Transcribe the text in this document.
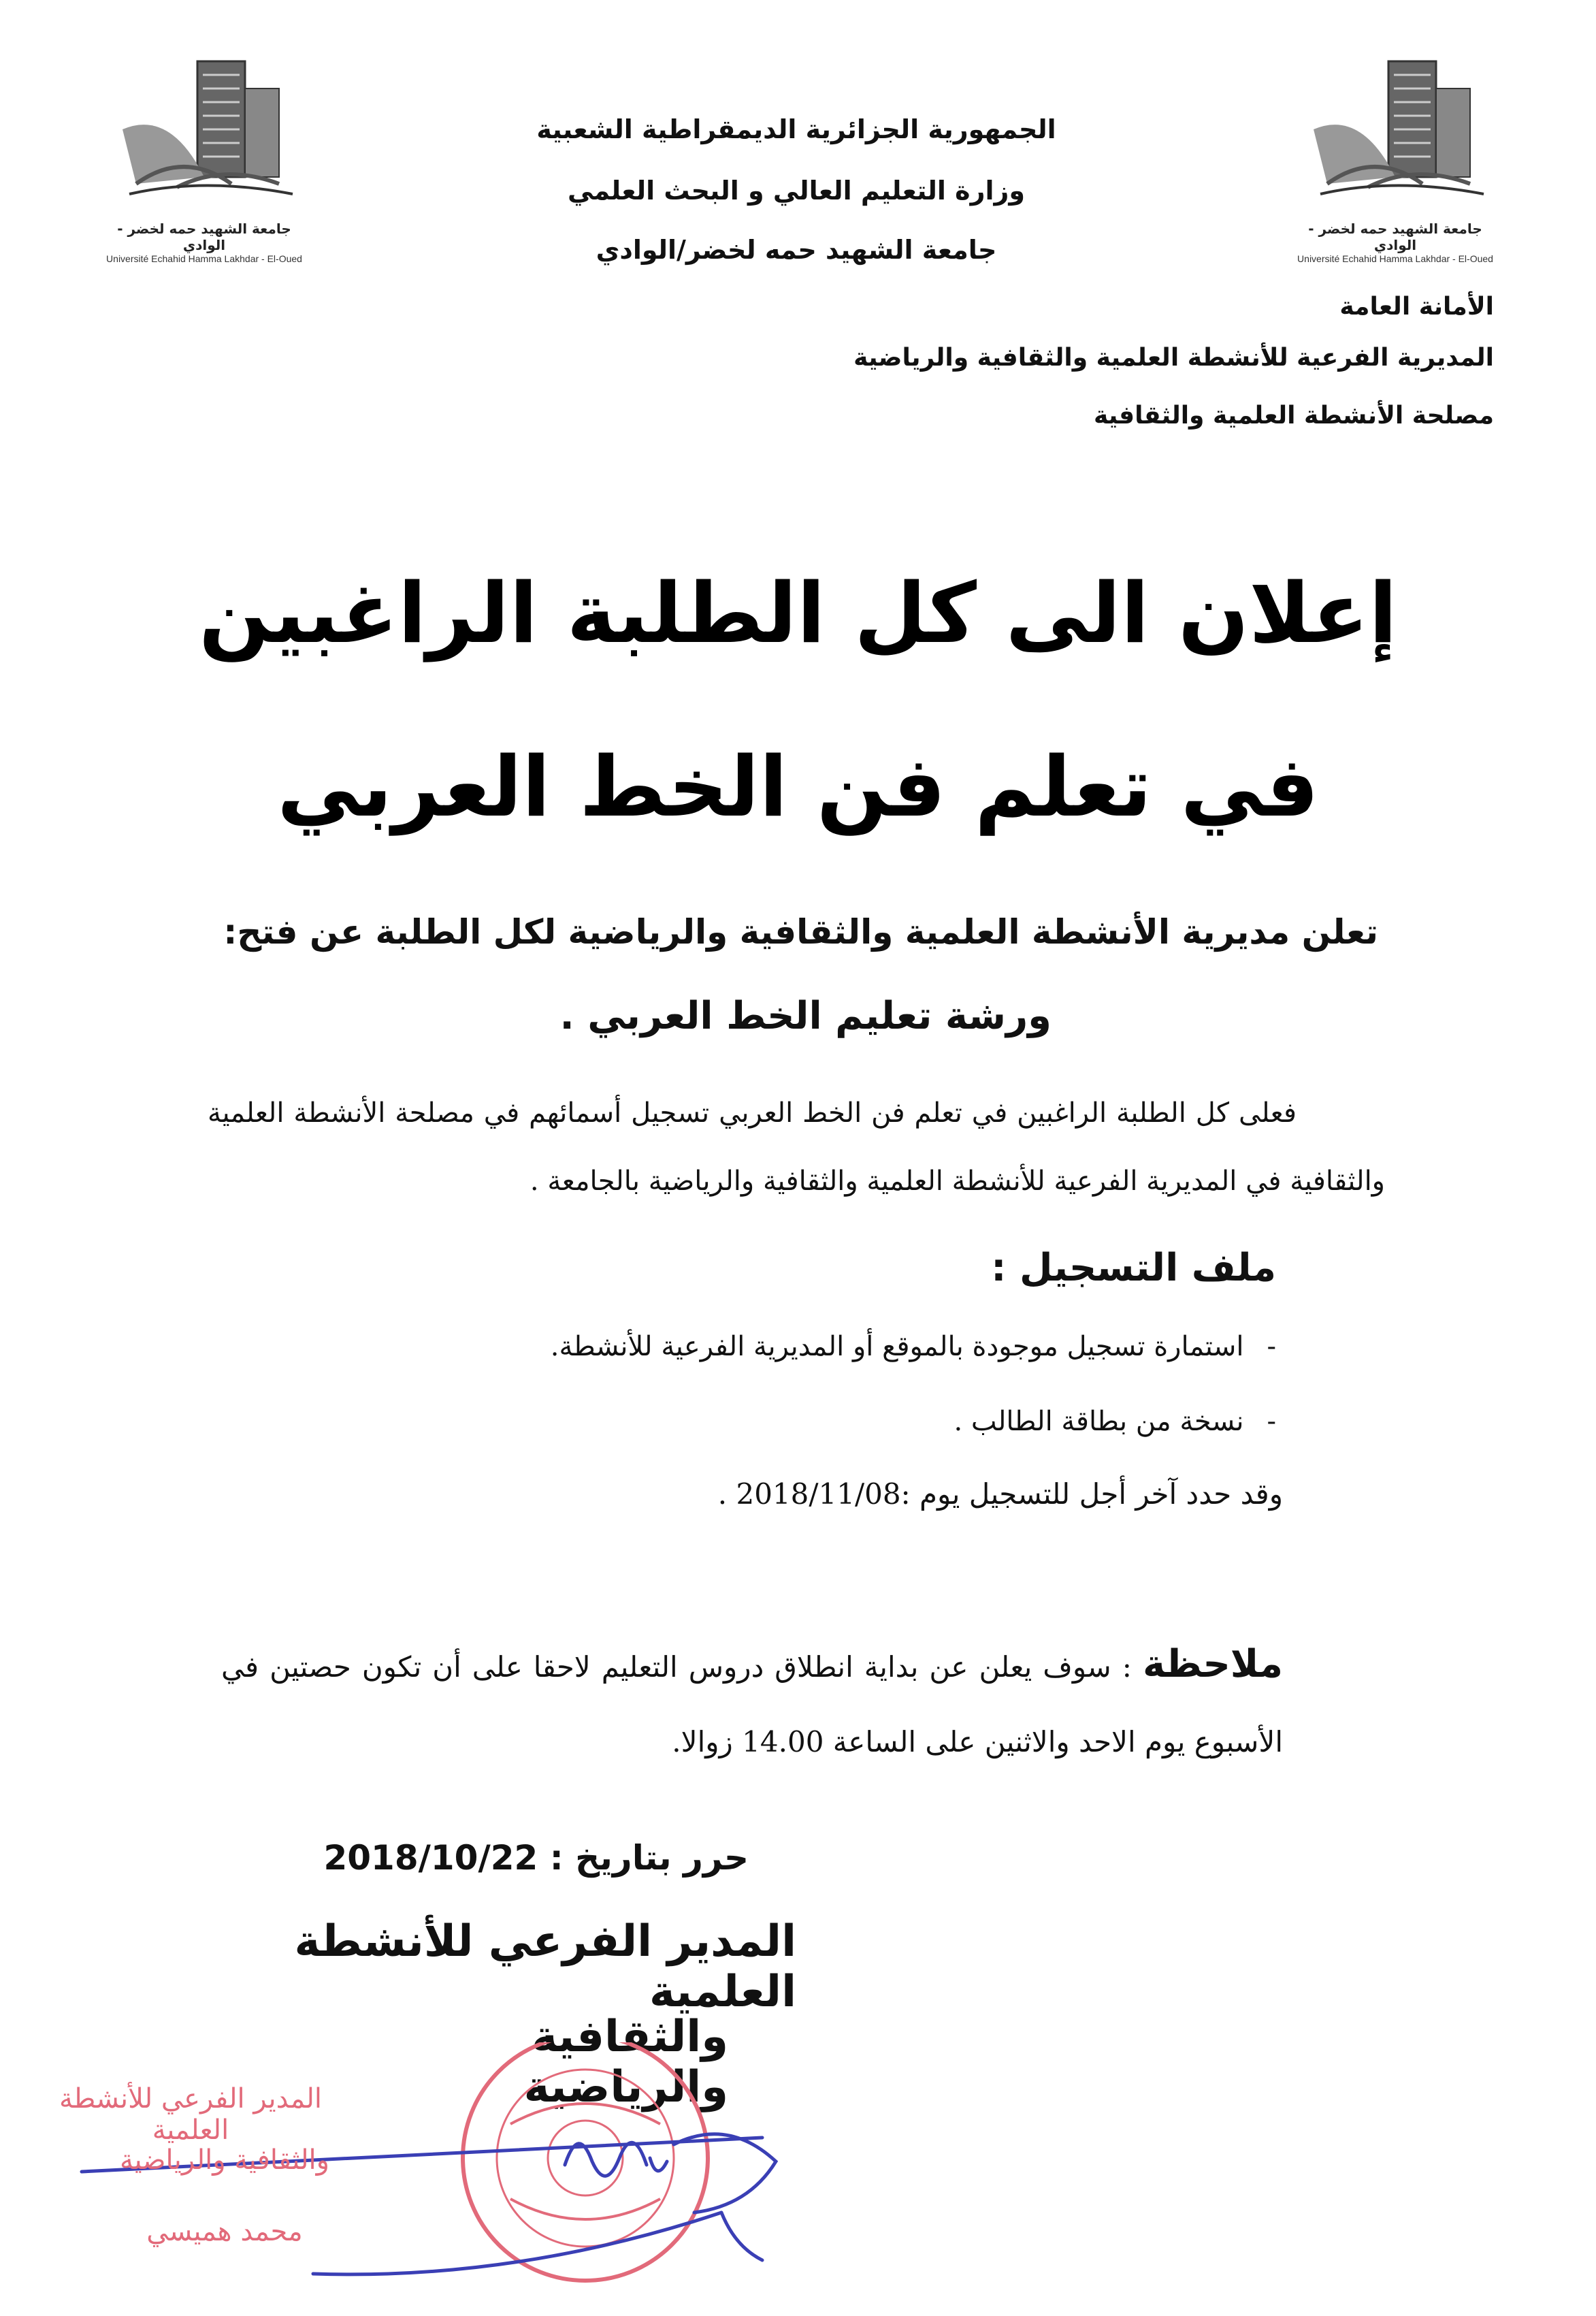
جامعة الشهيد حمه لخضر - الوادي
Université Echahid Hamma Lakhdar - El-Oued
جامعة الشهيد حمه لخضر - الوادي
Université Echahid Hamma Lakhdar - El-Oued
الجمهورية الجزائرية الديمقراطية الشعبية
وزارة التعليم العالي و البحث العلمي
جامعة الشهيد حمه لخضر/الوادي
الأمانة العامة
المديرية الفرعية للأنشطة العلمية والثقافية والرياضية
مصلحة الأنشطة العلمية والثقافية
إعلان الى كل الطلبة الراغبين
في تعلم فن الخط العربي
تعلن مديرية الأنشطة العلمية والثقافية والرياضية لكل الطلبة عن فتح:
ورشة تعليم الخط العربي .
فعلى كل الطلبة الراغبين في تعلم فن الخط العربي تسجيل أسمائهم في مصلحة الأنشطة العلمية والثقافية في المديرية الفرعية للأنشطة العلمية والثقافية والرياضية بالجامعة .
ملف التسجيل :
-استمارة تسجيل موجودة بالموقع أو المديرية الفرعية للأنشطة.
-نسخة من بطاقة الطالب .
وقد حدد آخر أجل للتسجيل يوم :2018/11/08 .
ملاحظة : سوف يعلن عن بداية انطلاق دروس التعليم لاحقا على أن تكون حصتين في الأسبوع يوم الاحد والاثنين على الساعة 14.00 زوالا.
حرر بتاريخ : 2018/10/22
المدير الفرعي للأنشطة العلمية
والثقافية والرياضية
المدير الفرعي للأنشطة العلمية
والثقافية والرياضية
محمد همیسي
